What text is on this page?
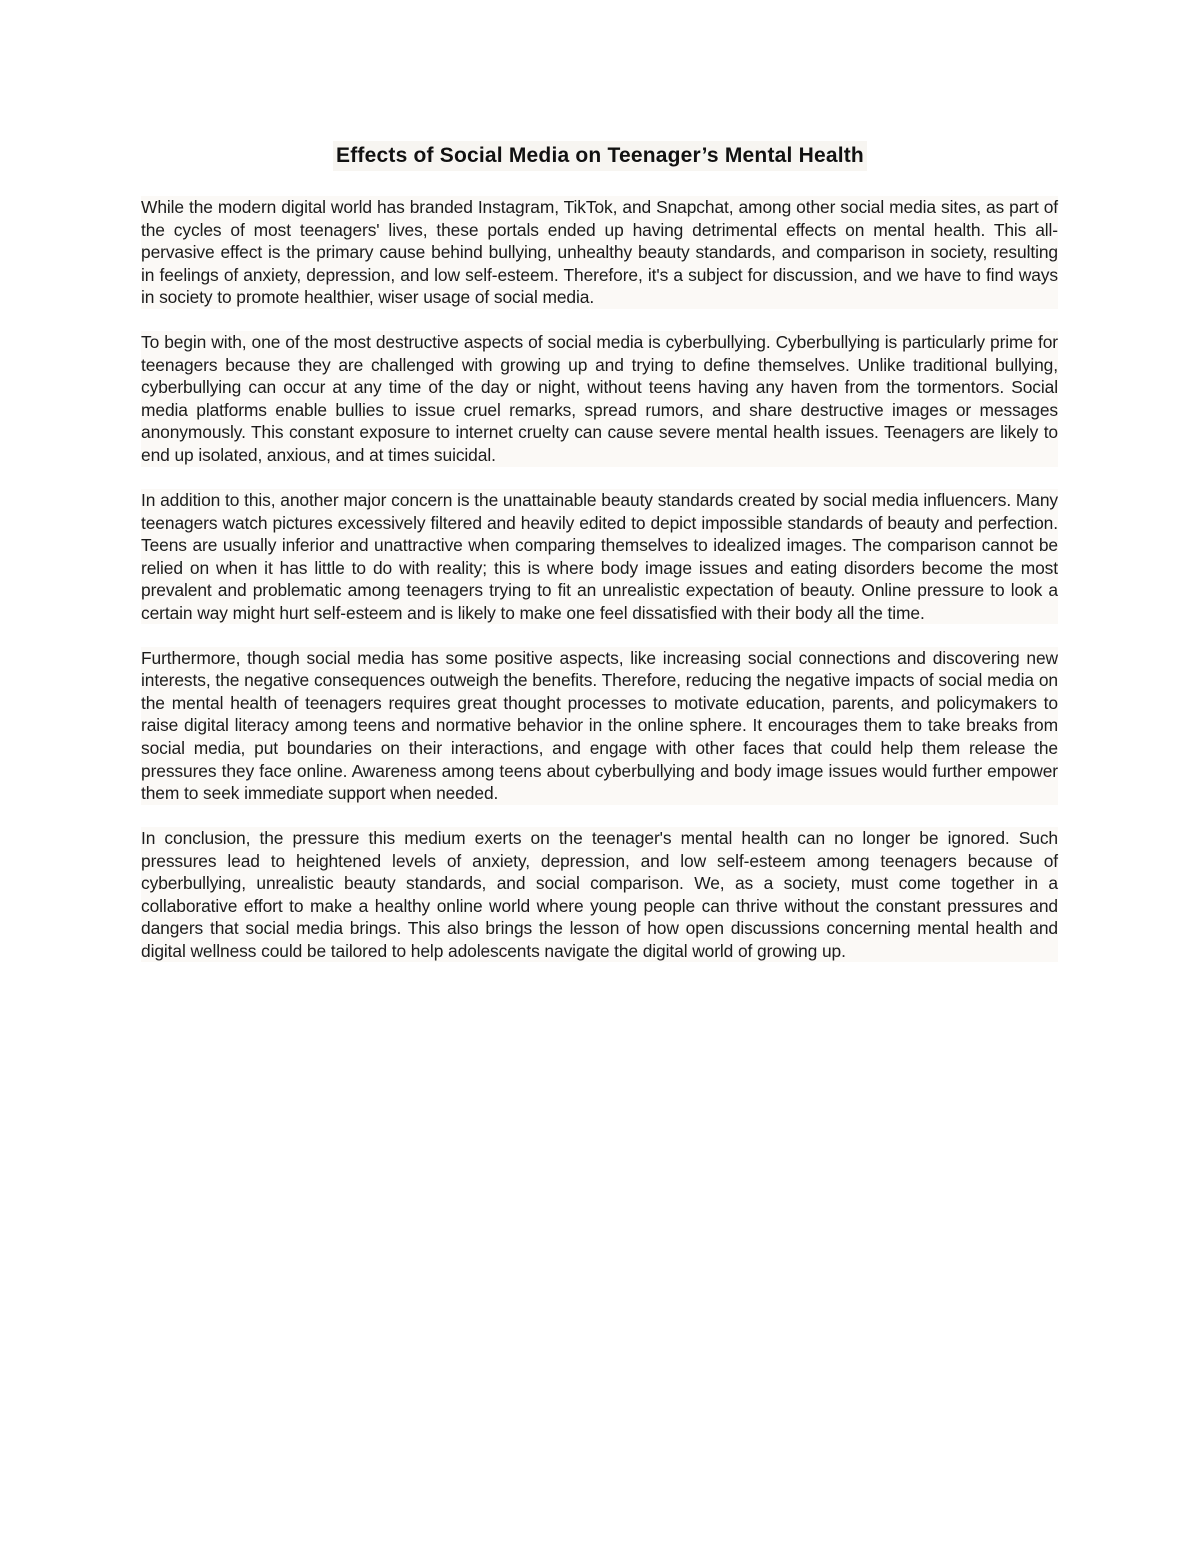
Effects of Social Media on Teenager’s Mental Health

While the modern digital world has branded Instagram, TikTok, and Snapchat, among other social media sites, as part of the cycles of most teenagers' lives, these portals ended up having detrimental effects on mental health. This all-pervasive effect is the primary cause behind bullying, unhealthy beauty standards, and comparison in society, resulting in feelings of anxiety, depression, and low self-esteem. Therefore, it's a subject for discussion, and we have to find ways in society to promote healthier, wiser usage of social media.

To begin with, one of the most destructive aspects of social media is cyberbullying. Cyberbullying is particularly prime for teenagers because they are challenged with growing up and trying to define themselves. Unlike traditional bullying, cyberbullying can occur at any time of the day or night, without teens having any haven from the tormentors. Social media platforms enable bullies to issue cruel remarks, spread rumors, and share destructive images or messages anonymously. This constant exposure to internet cruelty can cause severe mental health issues. Teenagers are likely to end up isolated, anxious, and at times suicidal.

In addition to this, another major concern is the unattainable beauty standards created by social media influencers. Many teenagers watch pictures excessively filtered and heavily edited to depict impossible standards of beauty and perfection. Teens are usually inferior and unattractive when comparing themselves to idealized images. The comparison cannot be relied on when it has little to do with reality; this is where body image issues and eating disorders become the most prevalent and problematic among teenagers trying to fit an unrealistic expectation of beauty. Online pressure to look a certain way might hurt self-esteem and is likely to make one feel dissatisfied with their body all the time.

Furthermore, though social media has some positive aspects, like increasing social connections and discovering new interests, the negative consequences outweigh the benefits. Therefore, reducing the negative impacts of social media on the mental health of teenagers requires great thought processes to motivate education, parents, and policymakers to raise digital literacy among teens and normative behavior in the online sphere. It encourages them to take breaks from social media, put boundaries on their interactions, and engage with other faces that could help them release the pressures they face online. Awareness among teens about cyberbullying and body image issues would further empower them to seek immediate support when needed.

In conclusion, the pressure this medium exerts on the teenager's mental health can no longer be ignored. Such pressures lead to heightened levels of anxiety, depression, and low self-esteem among teenagers because of cyberbullying, unrealistic beauty standards, and social comparison. We, as a society, must come together in a collaborative effort to make a healthy online world where young people can thrive without the constant pressures and dangers that social media brings. This also brings the lesson of how open discussions concerning mental health and digital wellness could be tailored to help adolescents navigate the digital world of growing up.
